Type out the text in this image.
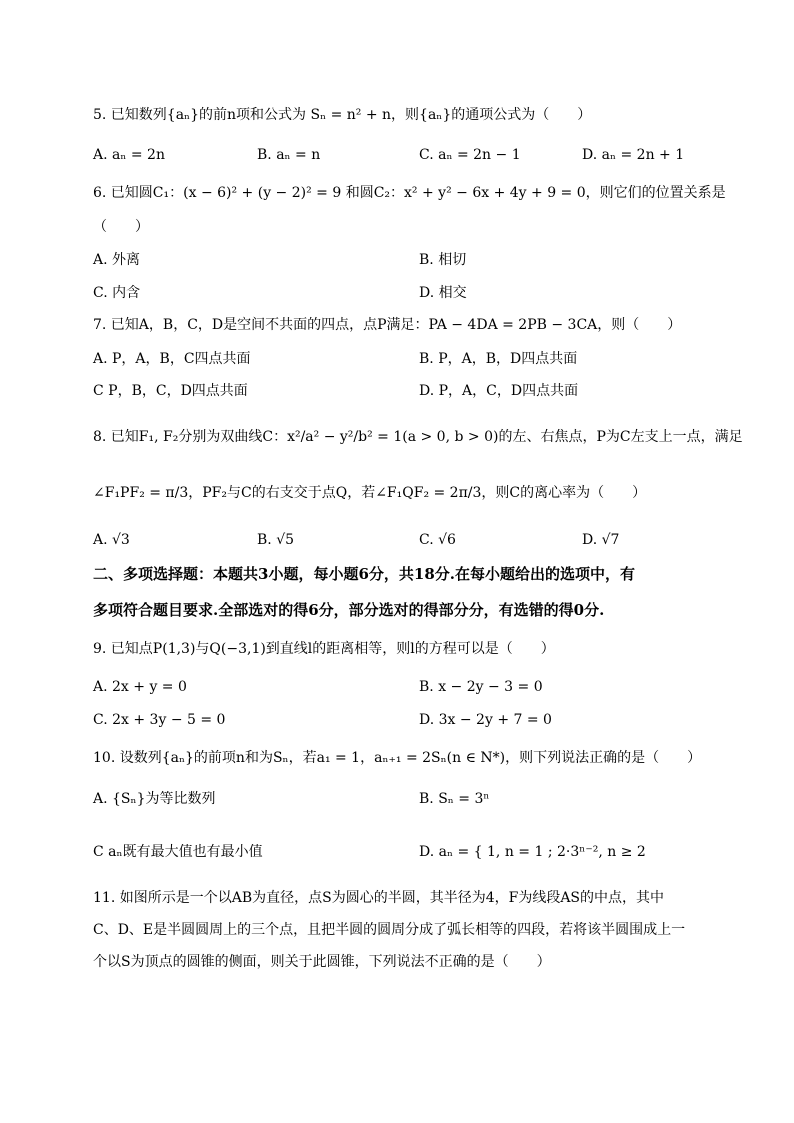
5. 已知数列{aₙ}的前n项和公式为 Sₙ = n² + n，则{aₙ}的通项公式为（　　）
A. aₙ = 2n	B. aₙ = n	C. aₙ = 2n − 1	D. aₙ = 2n + 1
6. 已知圆C₁：(x − 6)² + (y − 2)² = 9 和圆C₂：x² + y² − 6x + 4y + 9 = 0，则它们的位置关系是
（　　）
A. 外离	B. 相切
C. 内含	D. 相交
7. 已知A，B，C，D是空间不共面的四点，点P满足：PA − 4DA = 2PB − 3CA，则（　　）
A. P，A，B，C四点共面	B. P，A，B，D四点共面
C P，B，C，D四点共面	D. P，A，C，D四点共面
8. 已知F₁, F₂分别为双曲线C：x²/a² − y²/b² = 1(a > 0, b > 0)的左、右焦点，P为C左支上一点，满足
∠F₁PF₂ = π/3，PF₂与C的右支交于点Q，若∠F₁QF₂ = 2π/3，则C的离心率为（　　）
A. √3	B. √5	C. √6	D. √7
二、多项选择题：本题共3小题，每小题6分，共18分.在每小题给出的选项中，有
多项符合题目要求.全部选对的得6分，部分选对的得部分分，有选错的得0分.
9. 已知点P(1,3)与Q(−3,1)到直线l的距离相等，则l的方程可以是（　　）
A. 2x + y = 0	B. x − 2y − 3 = 0
C. 2x + 3y − 5 = 0	D. 3x − 2y + 7 = 0
10. 设数列{aₙ}的前项n和为Sₙ，若a₁ = 1，aₙ₊₁ = 2Sₙ(n ∈ N*)，则下列说法正确的是（　　）
A. {Sₙ}为等比数列	B. Sₙ = 3ⁿ
C aₙ既有最大值也有最小值	D. aₙ = { 1, n = 1 ; 2·3ⁿ⁻², n ≥ 2
11. 如图所示是一个以AB为直径，点S为圆心的半圆，其半径为4，F为线段AS的中点，其中
C、D、E是半圆圆周上的三个点，且把半圆的圆周分成了弧长相等的四段，若将该半圆围成上一
个以S为顶点的圆锥的侧面，则关于此圆锥，下列说法不正确的是（　　）
